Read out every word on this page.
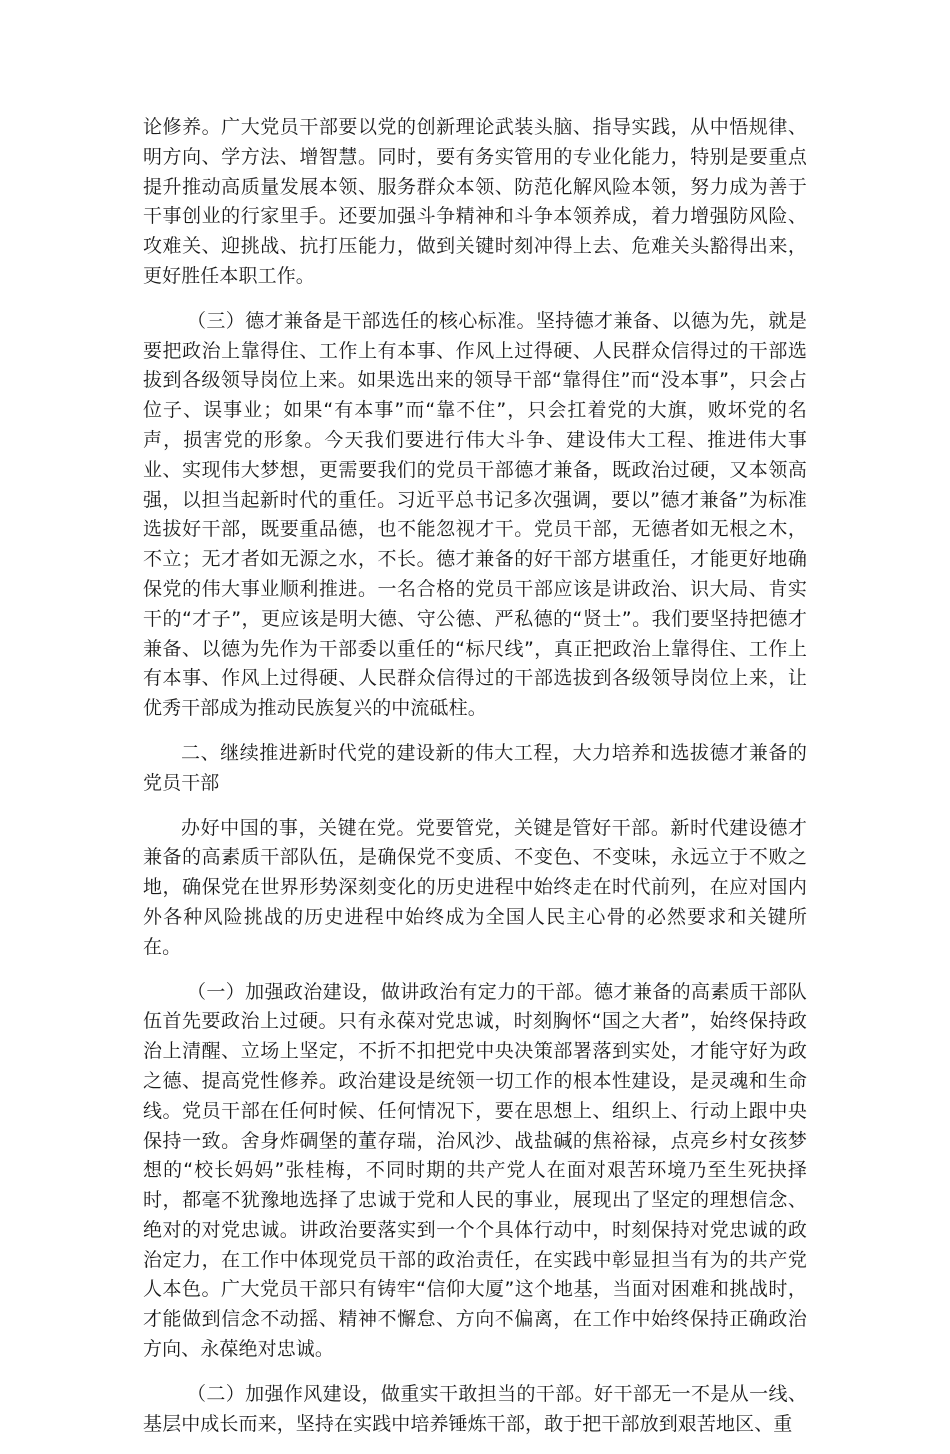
论修养。广大党员干部要以党的创新理论武装头脑、指导实践，从中悟规律、明方向、学方法、增智慧。同时，要有务实管用的专业化能力，特别是要重点提升推动高质量发展本领、服务群众本领、防范化解风险本领，努力成为善于干事创业的行家里手。还要加强斗争精神和斗争本领养成，着力增强防风险、攻难关、迎挑战、抗打压能力，做到关键时刻冲得上去、危难关头豁得出来，更好胜任本职工作。

（三）德才兼备是干部选任的核心标准。坚持德才兼备、以德为先，就是要把政治上靠得住、工作上有本事、作风上过得硬、人民群众信得过的干部选拔到各级领导岗位上来。如果选出来的领导干部“靠得住”而“没本事”，只会占位子、误事业；如果“有本事”而“靠不住”，只会扛着党的大旗，败坏党的名声，损害党的形象。今天我们要进行伟大斗争、建设伟大工程、推进伟大事业、实现伟大梦想，更需要我们的党员干部德才兼备，既政治过硬，又本领高强，以担当起新时代的重任。习近平总书记多次强调，要以”德才兼备”为标准选拔好干部，既要重品德，也不能忽视才干。党员干部，无德者如无根之木，不立；无才者如无源之水，不长。德才兼备的好干部方堪重任，才能更好地确保党的伟大事业顺利推进。一名合格的党员干部应该是讲政治、识大局、肯实干的“才子”，更应该是明大德、守公德、严私德的“贤士”。我们要坚持把德才兼备、以德为先作为干部委以重任的“标尺线”，真正把政治上靠得住、工作上有本事、作风上过得硬、人民群众信得过的干部选拔到各级领导岗位上来，让优秀干部成为推动民族复兴的中流砥柱。

二、继续推进新时代党的建设新的伟大工程，大力培养和选拔德才兼备的党员干部

办好中国的事，关键在党。党要管党，关键是管好干部。新时代建设德才兼备的高素质干部队伍，是确保党不变质、不变色、不变味，永远立于不败之地，确保党在世界形势深刻变化的历史进程中始终走在时代前列，在应对国内外各种风险挑战的历史进程中始终成为全国人民主心骨的必然要求和关键所在。

（一）加强政治建设，做讲政治有定力的干部。德才兼备的高素质干部队伍首先要政治上过硬。只有永葆对党忠诚，时刻胸怀“国之大者”，始终保持政治上清醒、立场上坚定，不折不扣把党中央决策部署落到实处，才能守好为政之德、提高党性修养。政治建设是统领一切工作的根本性建设，是灵魂和生命线。党员干部在任何时候、任何情况下，要在思想上、组织上、行动上跟中央保持一致。舍身炸碉堡的董存瑞，治风沙、战盐碱的焦裕禄，点亮乡村女孩梦想的“校长妈妈”张桂梅，不同时期的共产党人在面对艰苦环境乃至生死抉择时，都毫不犹豫地选择了忠诚于党和人民的事业，展现出了坚定的理想信念、绝对的对党忠诚。讲政治要落实到一个个具体行动中，时刻保持对党忠诚的政治定力，在工作中体现党员干部的政治责任，在实践中彰显担当有为的共产党人本色。广大党员干部只有铸牢“信仰大厦”这个地基，当面对困难和挑战时，才能做到信念不动摇、精神不懈怠、方向不偏离，在工作中始终保持正确政治方向、永葆绝对忠诚。

（二）加强作风建设，做重实干敢担当的干部。好干部无一不是从一线、基层中成长而来，坚持在实践中培养锤炼干部，敢于把干部放到艰苦地区、重
